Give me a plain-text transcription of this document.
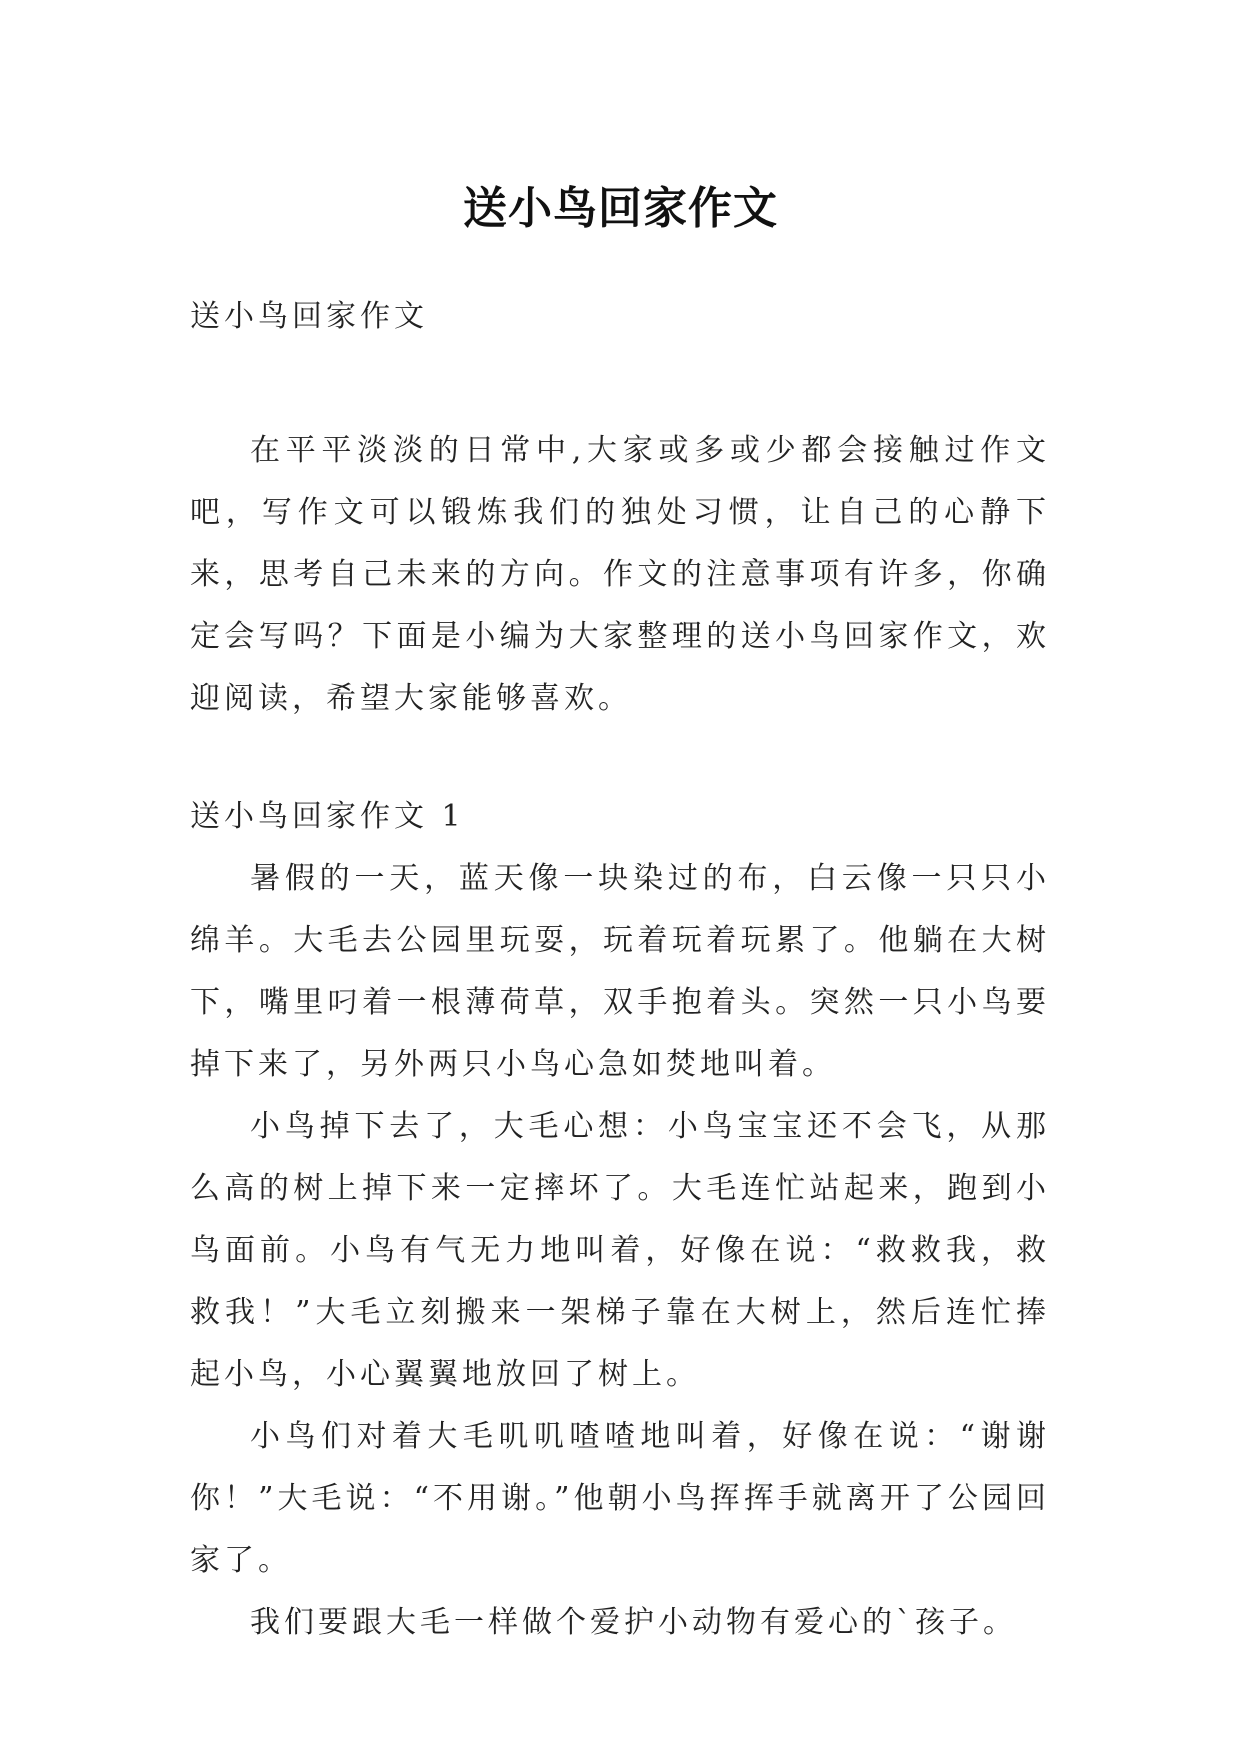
送小鸟回家作文

送小鸟回家作文

在平平淡淡的日常中,大家或多或少都会接触过作文吧，写作文可以锻炼我们的独处习惯，让自己的心静下来，思考自己未来的方向。作文的注意事项有许多，你确定会写吗？下面是小编为大家整理的送小鸟回家作文，欢迎阅读，希望大家能够喜欢。

送小鸟回家作文 1

暑假的一天，蓝天像一块染过的布，白云像一只只小绵羊。大毛去公园里玩耍，玩着玩着玩累了。他躺在大树下，嘴里叼着一根薄荷草，双手抱着头。突然一只小鸟要掉下来了，另外两只小鸟心急如焚地叫着。

小鸟掉下去了，大毛心想：小鸟宝宝还不会飞，从那么高的树上掉下来一定摔坏了。大毛连忙站起来，跑到小鸟面前。小鸟有气无力地叫着，好像在说：“救救我，救救我！”大毛立刻搬来一架梯子靠在大树上，然后连忙捧起小鸟，小心翼翼地放回了树上。

小鸟们对着大毛叽叽喳喳地叫着，好像在说：“谢谢你！”大毛说：“不用谢。”他朝小鸟挥挥手就离开了公园回家了。

我们要跟大毛一样做个爱护小动物有爱心的`孩子。
